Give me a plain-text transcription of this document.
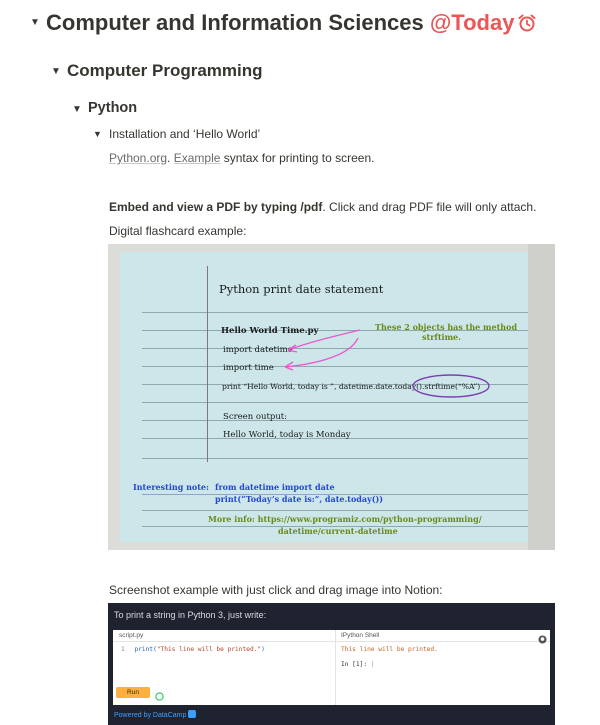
▼ Computer and Information Sciences @Today
▼ Computer Programming
▼ Python
▼ Installation and ‘Hello World’
Python.org. Example syntax for printing to screen.
Embed and view a PDF by typing /pdf. Click and drag PDF file will only attach.
Digital flashcard example:
Python print date statement
Hello World Time.py
import datetime
import time
print “Hello World, today is ”, datetime.date.today().strftime(“%A”)
These 2 objects has the method
strftime.
Screen output:
Hello World, today is Monday
Interesting note: from datetime import date
print(“Today’s date is:”, date.today())
More info: https://www.programiz.com/python-programming/
datetime/current-datetime
Screenshot example with just click and drag image into Notion:
To print a string in Python 3, just write:
script.py	IPython Shell
1 print("This line will be printed.")	This line will be printed.
In [1]: |
Run
Powered by DataCamp
